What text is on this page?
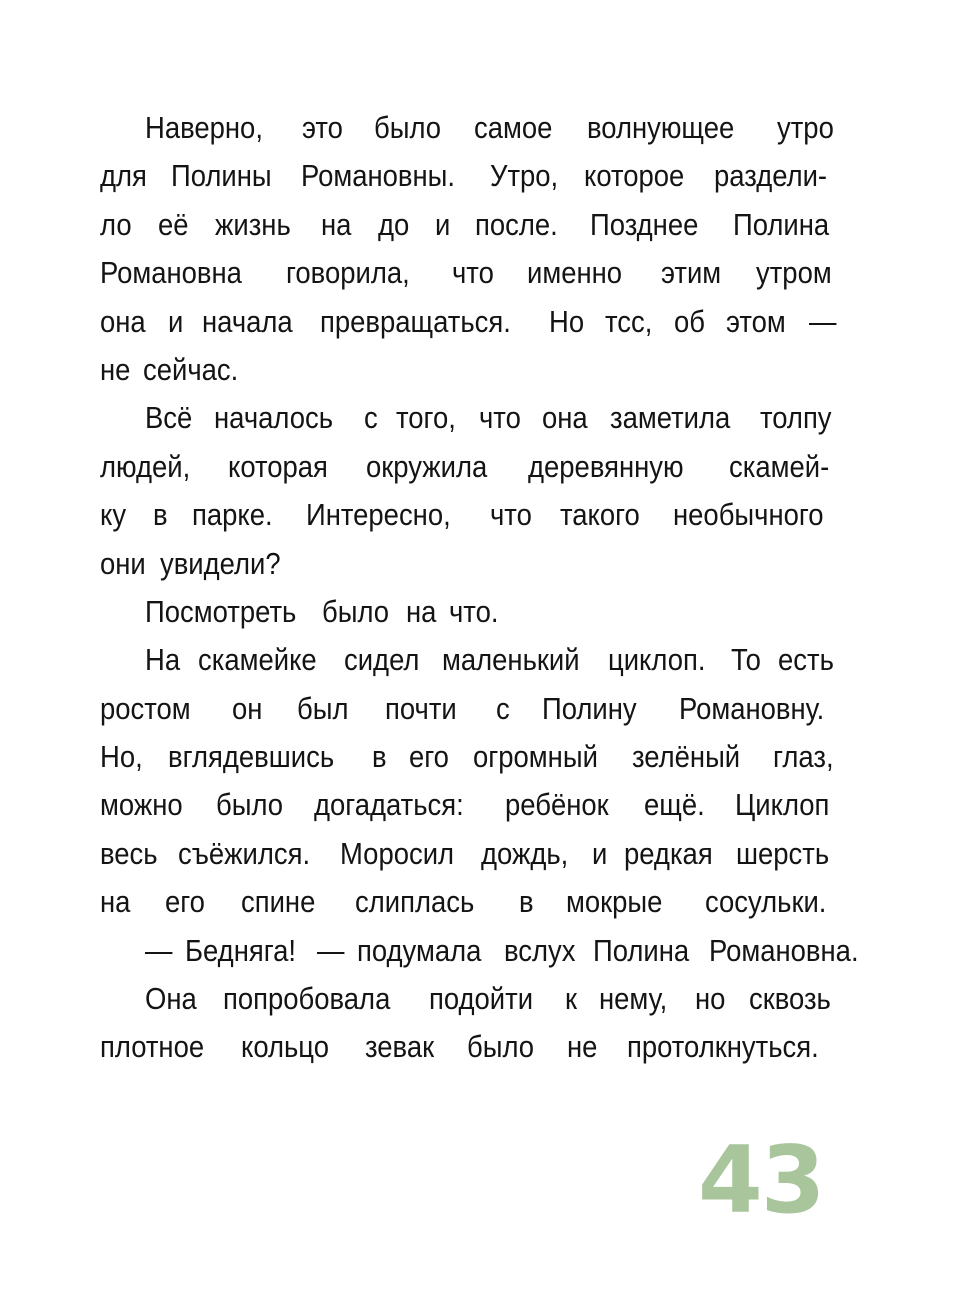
Наверно, это было самое волнующее утро
для Полины Романовны. Утро, которое раздели-
ло её жизнь на до и после. Позднее Полина
Романовна говорила, что именно этим утром
она и начала превращаться. Но тсс, об этом —
не сейчас.
Всё началось с того, что она заметила толпу
людей, которая окружила деревянную скамей-
ку в парке. Интересно, что такого необычного
они увидели?
Посмотреть было на что.
На скамейке сидел маленький циклоп. То есть
ростом он был почти с Полину Романовну.
Но, вглядевшись в его огромный зелёный глаз,
можно было догадаться: ребёнок ещё. Циклоп
весь съёжился. Моросил дождь, и редкая шерсть
на его спине слиплась в мокрые сосульки.
— Бедняга! — подумала вслух Полина Романовна.
Она попробовала подойти к нему, но сквозь
плотное кольцо зевак было не протолкнуться.
43
